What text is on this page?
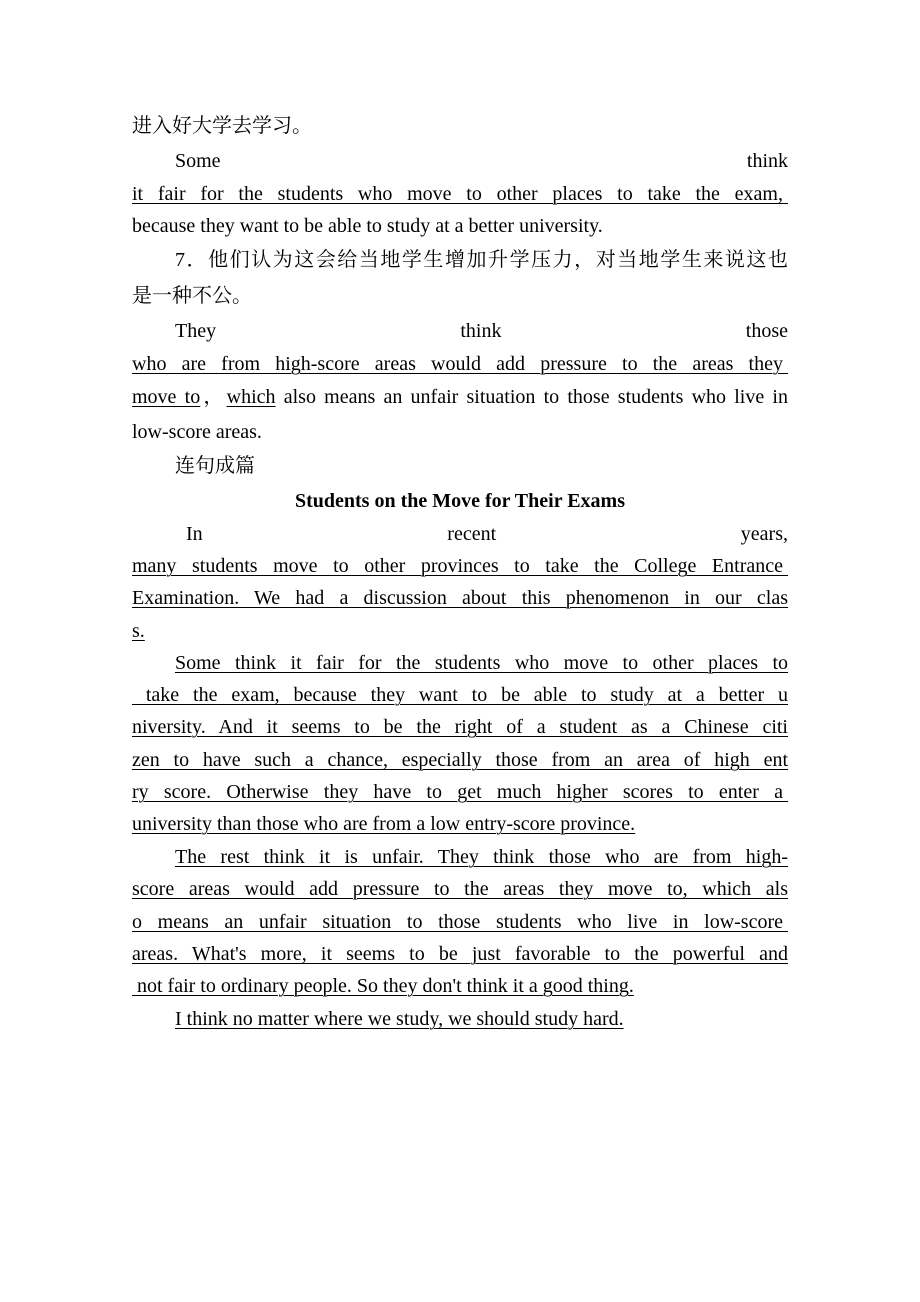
进入好大学去学习。
Some think
it fair for the students who move to other places to take the exam,
because they want to be able to study at a better university.
7．他们认为这会给当地学生增加升学压力，对当地学生来说这也
是一种不公。
They think those
who are from high-score areas would add pressure to the areas they
move to，which also means an unfair situation to those students who live in
low-score areas.
连句成篇
Students on the Move for Their Exams
In recent years,
many students move to other provinces to take the College Entrance
Examination. We had a discussion about this phenomenon in our clas
s.
Some think it fair for the students who move to other places to
take the exam, because they want to be able to study at a better u
niversity. And it seems to be the right of a student as a Chinese citi
zen to have such a chance, especially those from an area of high ent
ry score. Otherwise they have to get much higher scores to enter a
university than those who are from a low entry-score province.
The rest think it is unfair. They think those who are from high-
score areas would add pressure to the areas they move to, which als
o means an unfair situation to those students who live in low-score
areas. What's more, it seems to be just favorable to the powerful and
not fair to ordinary people. So they don't think it a good thing.
I think no matter where we study, we should study hard.
